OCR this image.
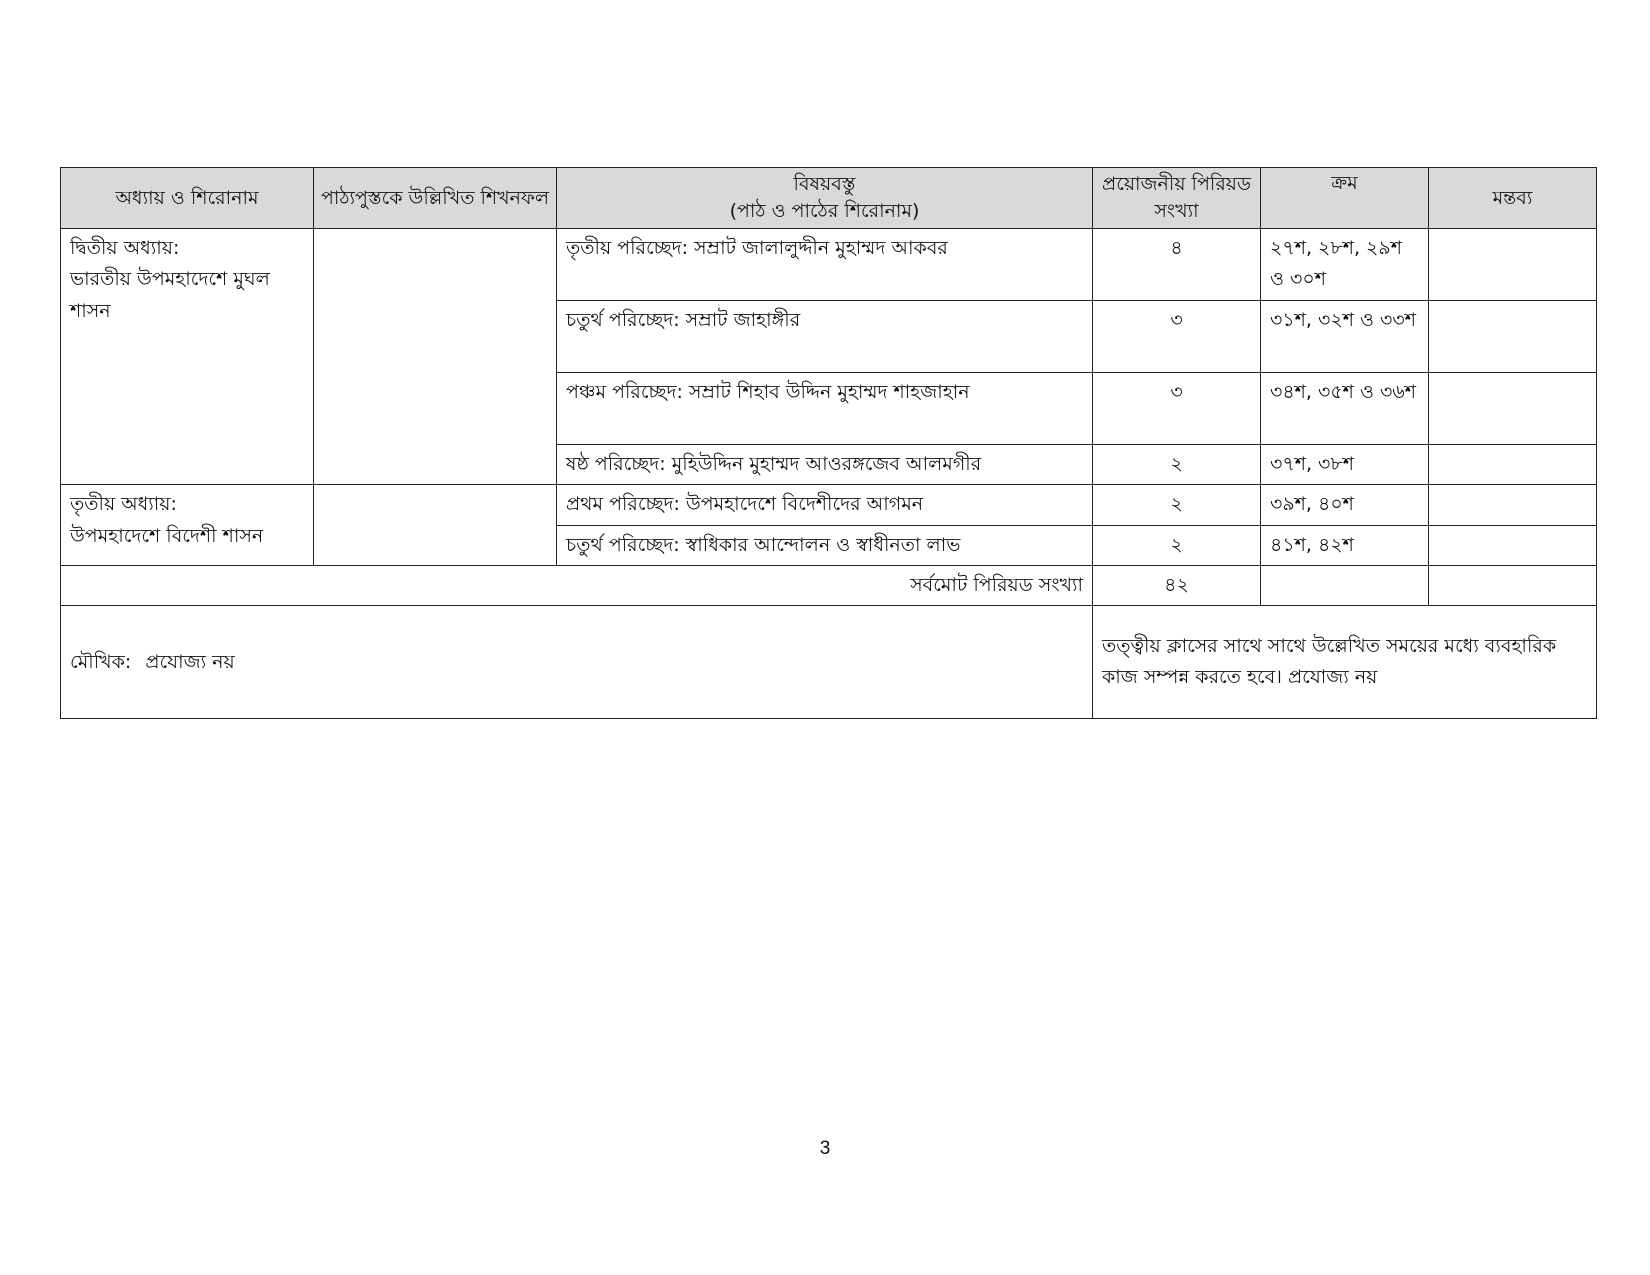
অধ্যায় ও শিরোনাম	পাঠ্যপুস্তকে উল্লিখিত শিখনফল	বিষয়বস্তু
(পাঠ ও পাঠের শিরোনাম)	প্রয়োজনীয় পিরিয়ড সংখ্যা	ক্রম	মন্তব্য

দ্বিতীয় অধ্যায়:
ভারতীয় উপমহাদেশে মুঘল শাসন		তৃতীয় পরিচ্ছেদ: সম্রাট জালালুদ্দীন মুহাম্মদ আকবর	৪	২৭শ, ২৮শ, ২৯শ ও ৩০শ	
		চতুর্থ পরিচ্ছেদ: সম্রাট জাহাঙ্গীর	৩	৩১শ, ৩২শ ও ৩৩শ	
		পঞ্চম পরিচ্ছেদ: সম্রাট শিহাব উদ্দিন মুহাম্মদ শাহজাহান	৩	৩৪শ, ৩৫শ ও ৩৬শ	
		ষষ্ঠ পরিচ্ছেদ: মুহিউদ্দিন মুহাম্মদ আওরঙ্গজেব আলমগীর	২	৩৭শ, ৩৮শ	

তৃতীয় অধ্যায়:
উপমহাদেশে বিদেশী শাসন		প্রথম পরিচ্ছেদ: উপমহাদেশে বিদেশীদের আগমন	২	৩৯শ, ৪০শ	
		চতুর্থ পরিচ্ছেদ: স্বাধিকার আন্দোলন ও স্বাধীনতা লাভ	২	৪১শ, ৪২শ	
সর্বমোট পিরিয়ড সংখ্যা			৪২		
মৌখিক: প্রযোজ্য নয়			তত্ত্বীয় ক্লাসের সাথে সাথে উল্লেখিত সময়ের মধ্যে ব্যবহারিক কাজ সম্পন্ন করতে হবে। প্রযোজ্য নয়		
3
